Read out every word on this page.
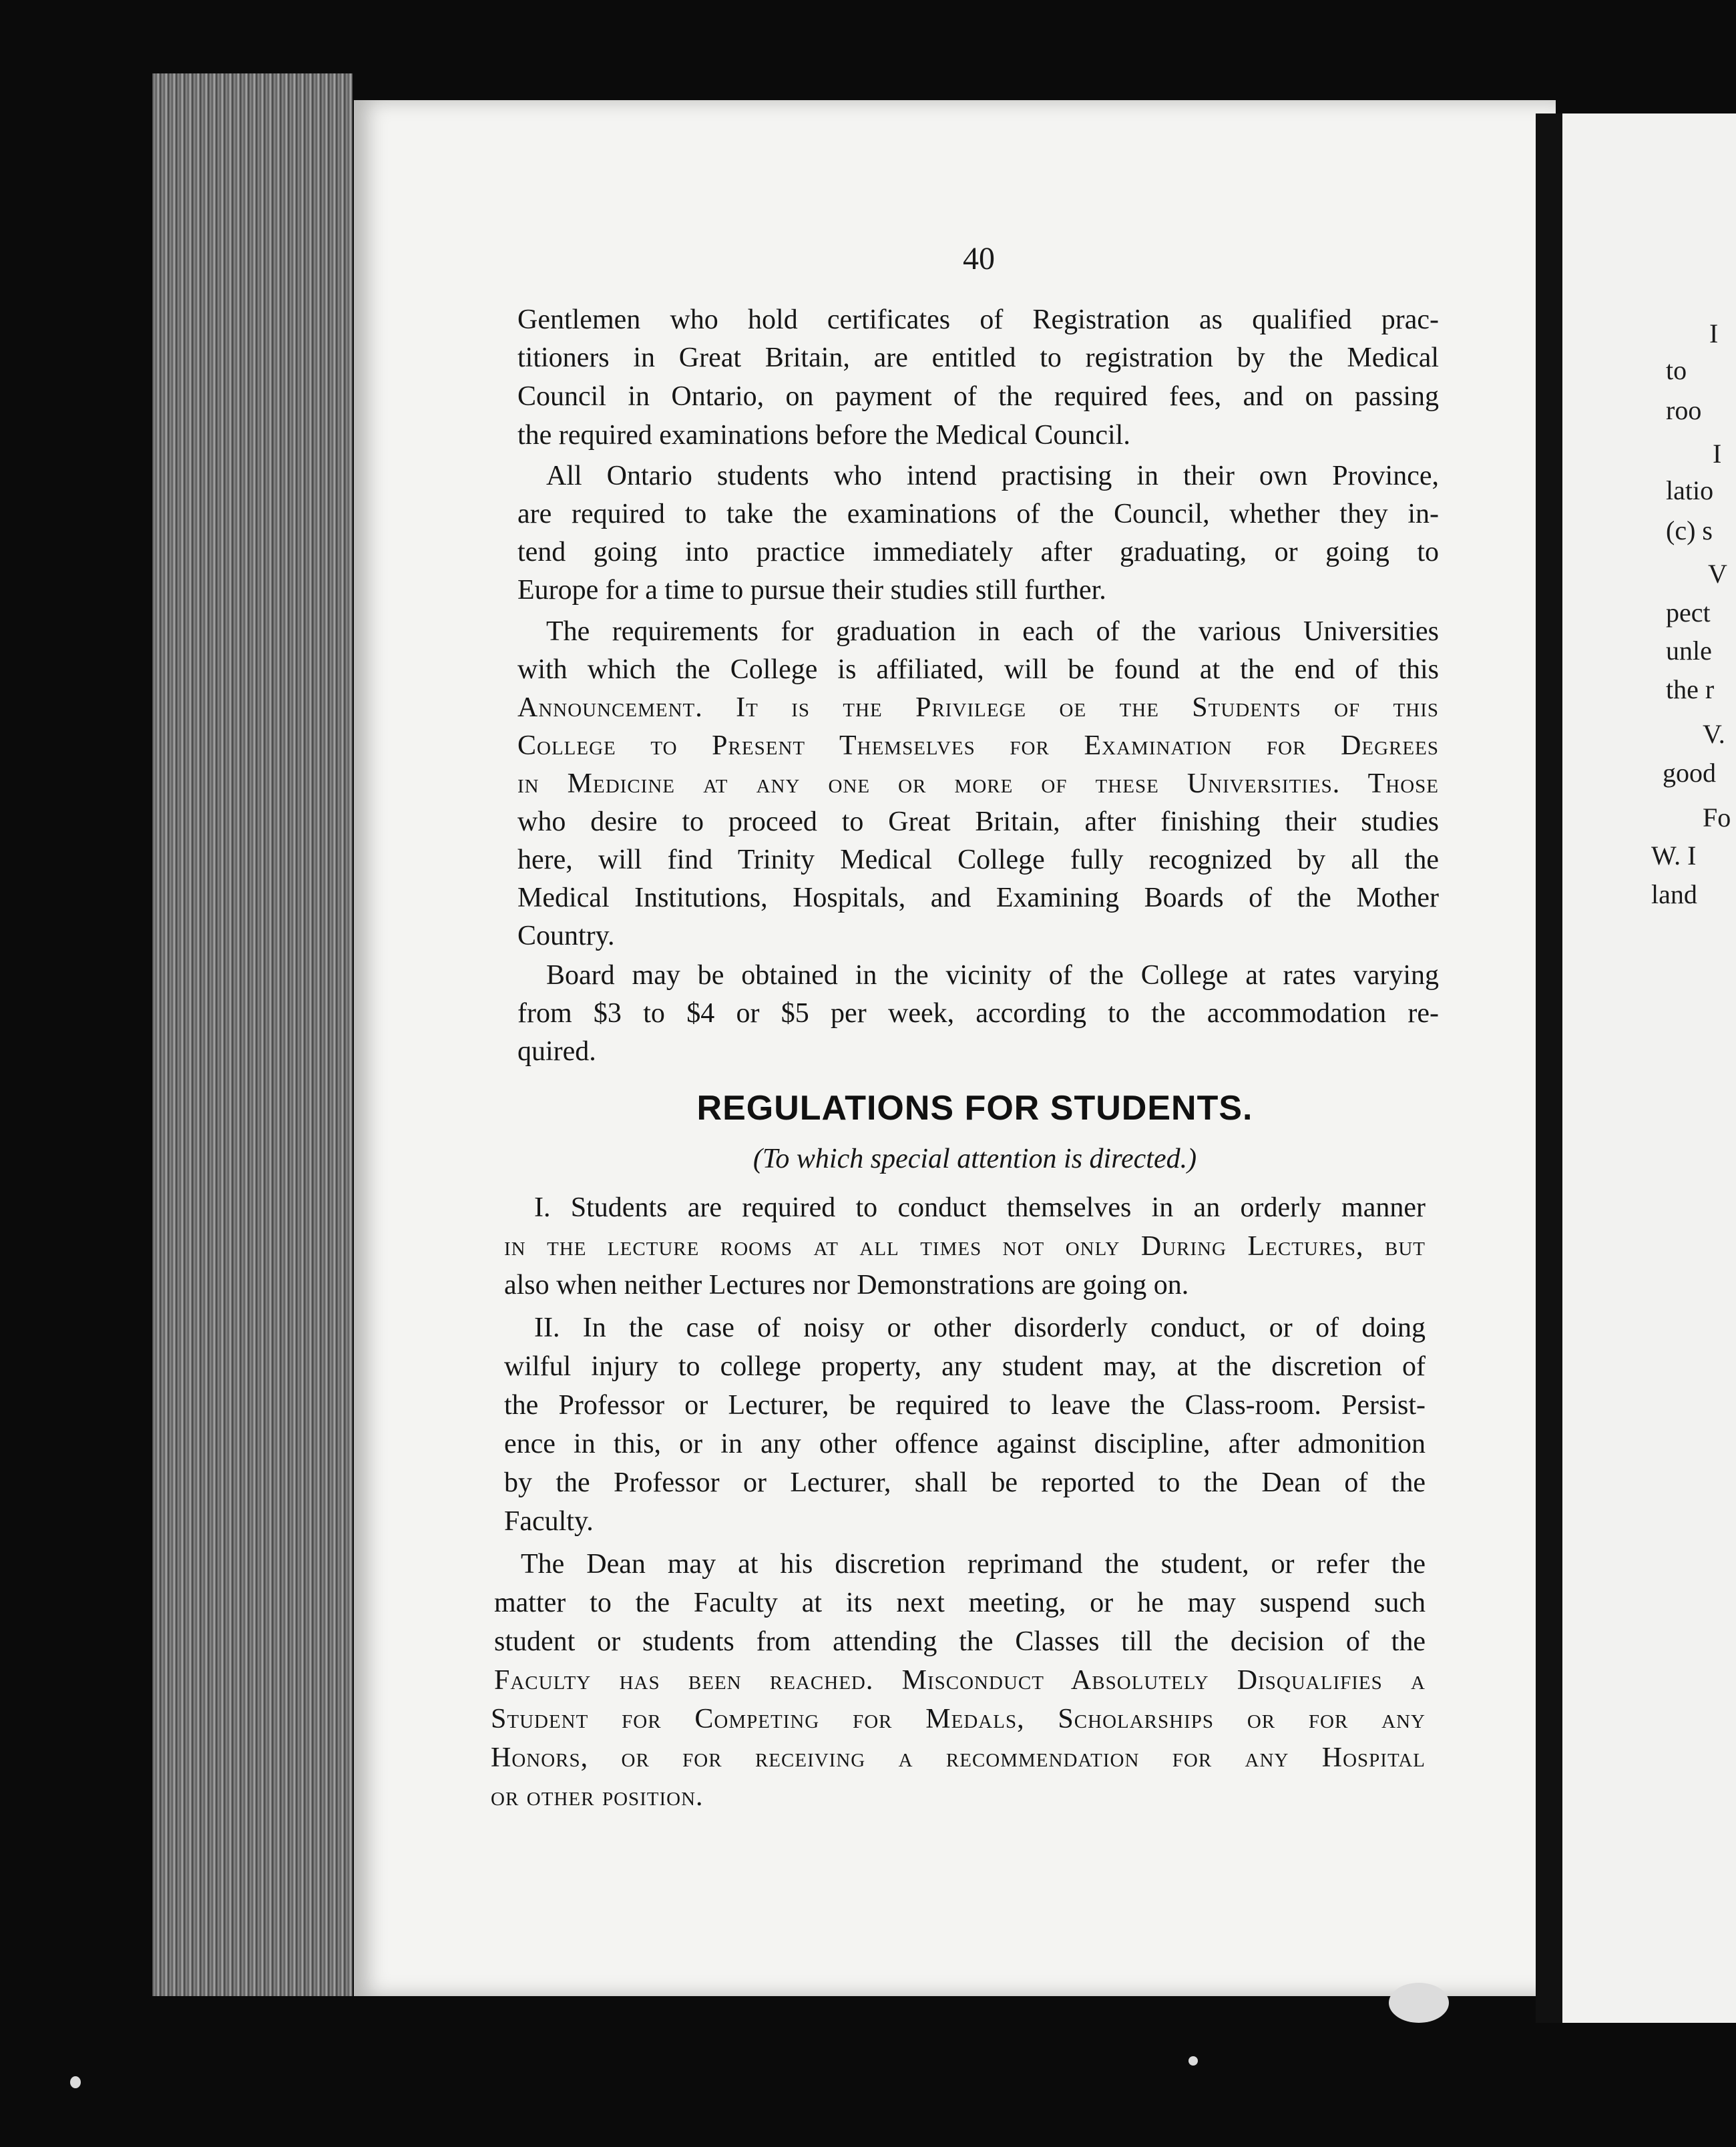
I
to
roo
I
latio
(c) s
V
pect
unle
the r
V.
good
Fo
W. I
land
40
Gentlemen who hold certificates of Registration as qualified prac-
titioners in Great Britain, are entitled to registration by the Medical
Council in Ontario, on payment of the required fees, and on passing
the required examinations before the Medical Council.
All Ontario students who intend practising in their own Province,
are required to take the examinations of the Council, whether they in-
tend going into practice immediately after graduating, or going to
Europe for a time to pursue their studies still further.
The requirements for graduation in each of the various Universities
with which the College is affiliated, will be found at the end of this
Announcement. It is the Privilege oe the Students of this
College to Present Themselves for Examination for Degrees
in Medicine at any one or more of these Universities. Those
who desire to proceed to Great Britain, after finishing their studies
here, will find Trinity Medical College fully recognized by all the
Medical Institutions, Hospitals, and Examining Boards of the Mother
Country.
Board may be obtained in the vicinity of the College at rates varying
from $3 to $4 or $5 per week, according to the accommodation re-
quired.
REGULATIONS FOR STUDENTS.
(To which special attention is directed.)
I. Students are required to conduct themselves in an orderly manner
in the lecture rooms at all times not only During Lectures, but
also when neither Lectures nor Demonstrations are going on.
II. In the case of noisy or other disorderly conduct, or of doing
wilful injury to college property, any student may, at the discretion of
the Professor or Lecturer, be required to leave the Class-room. Persist-
ence in this, or in any other offence against discipline, after admonition
by the Professor or Lecturer, shall be reported to the Dean of the
Faculty.
The Dean may at his discretion reprimand the student, or refer the
matter to the Faculty at its next meeting, or he may suspend such
student or students from attending the Classes till the decision of the
Faculty has been reached. Misconduct Absolutely Disqualifies a
Student for Competing for Medals, Scholarships or for any
Honors, or for receiving a recommendation for any Hospital
or other position.
